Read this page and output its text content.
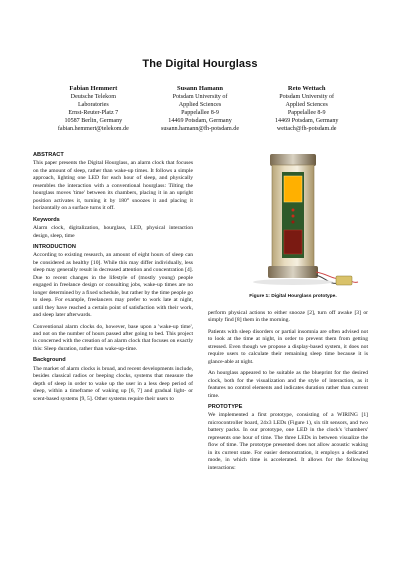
The Digital Hourglass
Fabian Hemmert
Deutsche Telekom
Laboratories
Ernst-Reuter-Platz 7
10587 Berlin, Germany
fabian.hemmert@telekom.de
Susann Hamann
Potsdam University of
Applied Sciences
Pappelallee 8-9
14469 Potsdam, Germany
susann.hamann@fh-potsdam.de
Reto Wettach
Potsdam University of
Applied Sciences
Pappelallee 8-9
14469 Potsdam, Germany
wettach@fh-potsdam.de
ABSTRACT

This paper presents the Digital Hourglass, an alarm clock that focuses on the amount of sleep, rather than wake-up times. It follows a simple approach, lighting one LED for each hour of sleep, and physically resembles the interaction with a conventional hourglass: Tilting the hourglass moves 'time' between its chambers, placing it in an upright position activates it, turning it by 180° snoozes it and placing it horizontally on a surface turns it off.

Keywords

Alarm clock, digitalization, hourglass, LED, physical interaction design, sleep, time

INTRODUCTION

According to existing research, an amount of eight hours of sleep can be considered as healthy [10]. While this may differ individually, less sleep may generally result in decreased attention and concentration [4]. Due to recent changes in the lifestyle of (mostly young) people engaged in freelance design or consulting jobs, wake-up times are no longer determined by a fixed schedule, but rather by the time people go to sleep. For example, freelancers may prefer to work late at night, until they have reached a certain point of satisfaction with their work, and sleep later afterwards.

Conventional alarm clocks do, however, base upon a 'wake-up time', and not on the number of hours passed after going to bed. This project is concerned with the creation of an alarm clock that focuses on exactly this: Sleep duration, rather than wake-up-time.

Background

The market of alarm clocks is broad, and recent developments include, besides classical radios or beeping clocks, systems that measure the depth of sleep in order to wake up the user in a less deep period of sleep, within a timeframe of waking up [6, 7] and gradual light- or scent-based systems [9, 5]. Other systems require their users to

Figure 1: Digital Hourglass prototype.

perform physical actions to either snooze [2], turn off awake [3] or simply find [8] them in the morning.

Patients with sleep disorders or partial insomnia are often advised not to look at the time at night, in order to prevent them from getting stressed. Even though we propose a display-based system, it does not require users to calculate their remaining sleep time because it is glance-able at night.

An hourglass appeared to be suitable as the blueprint for the desired clock, both for the visualization and the style of interaction, as it features no control elements and indicates duration rather than current time.

PROTOTYPE

We implemented a first prototype, consisting of a WIRING [1] microcontroller board, 24x3 LEDs (Figure 1), six tilt sensors, and two battery packs. In our prototype, one LED in the clock's 'chambers' represents one hour of time. The three LEDs in between visualize the flow of time. The prototype presented does not allow acoustic waking in its current state. For easier demonstration, it employs a dedicated mode, in which time is accelerated. It allows for the following interactions:
